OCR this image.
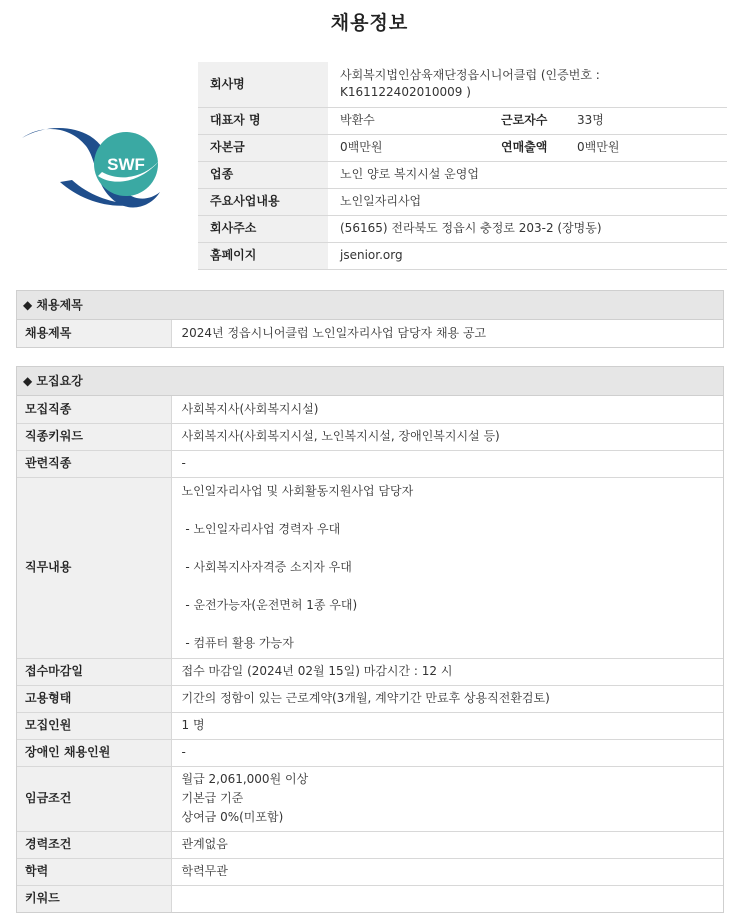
채용정보
SWF
회사명	사회복지법인삼육재단정읍시니어클럽 (인증번호 :
K161122402010009 )		

대표자 명	박환수	근로자수	33명
자본금	0백만원	연매출액	0백만원
업종	노인 양로 복지시설 운영업		
주요사업내용	노인일자리사업		
회사주소	(56165) 전라북도 정읍시 충정로 203-2 (장명동)		
홈페이지	jsenior.org		
◆ 채용제목
채용제목	2024년 정읍시니어클럽 노인일자리사업 담당자 채용 공고
◆ 모집요강
모집직종	사회복지사(사회복지시설)
직종키워드	사회복지사(사회복지시설, 노인복지시설, 장애인복지시설 등)
관련직종	-
직무내용	노인일자리사업 및 사회활동지원사업 담당자
- 노인일자리사업 경력자 우대
- 사회복지사자격증 소지자 우대
- 운전가능자(운전면허 1종 우대)
- 컴퓨터 활용 가능자

접수마감일	접수 마감일 (2024년 02월 15일) 마감시간 : 12 시
고용형태	기간의 정함이 있는 근로계약(3개월, 계약기간 만료후 상용직전환검토)
모집인원	1 명
장애인 채용인원	-
임금조건	월급 2,061,000원 이상
기본급 기준
상여금 0%(미포함)

경력조건	관계없음
학력	학력무관
키워드	
